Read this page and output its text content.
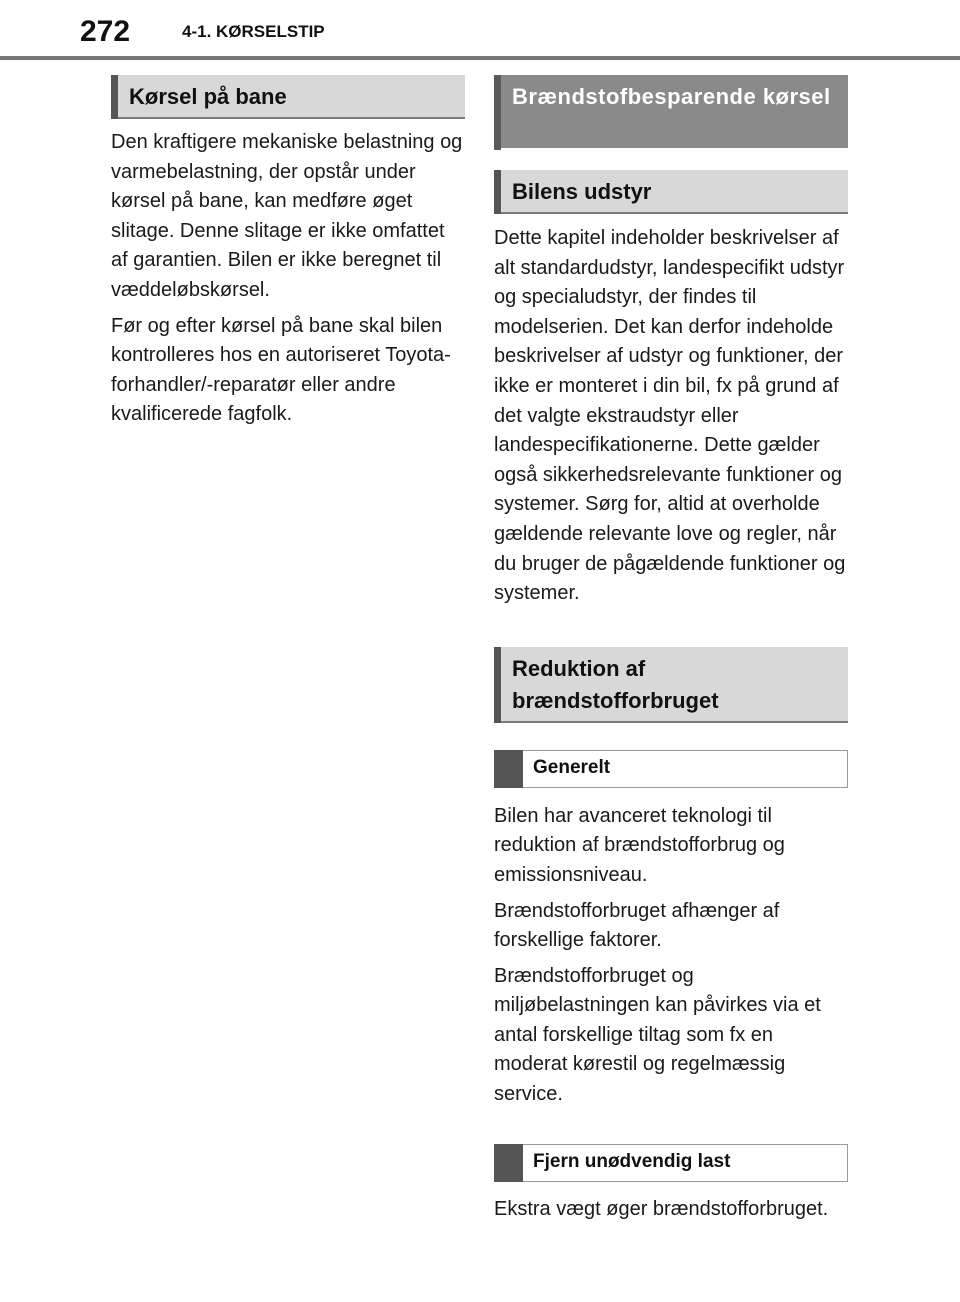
272	4-1. KØRSELSTIP
Kørsel på bane

Den kraftigere mekaniske belastning og varmebelastning, der opstår under kørsel på bane, kan medføre øget slitage. Denne slitage er ikke omfattet af garantien. Bilen er ikke beregnet til væddeløbskørsel.

Før og efter kørsel på bane skal bilen kontrolleres hos en autoriseret Toyota-forhandler/-reparatør eller andre kvalificerede fagfolk.

Brændstofbesparende kørsel
Bilens udstyr

Dette kapitel indeholder beskrivelser af alt standardudstyr, landespecifikt udstyr og specialudstyr, der findes til modelserien. Det kan derfor indeholde beskrivelser af udstyr og funktioner, der ikke er monteret i din bil, fx på grund af det valgte ekstraudstyr eller landespecifikationerne. Dette gælder også sikkerhedsrelevante funktioner og systemer. Sørg for, altid at overholde gældende relevante love og regler, når du bruger de pågældende funktioner og systemer.

Reduktion af brændstofforbruget
Generelt

Bilen har avanceret teknologi til reduktion af brændstofforbrug og emissionsniveau.

Brændstofforbruget afhænger af forskellige faktorer.

Brændstofforbruget og miljøbelastningen kan påvirkes via et antal forskellige tiltag som fx en moderat kørestil og regelmæssig service.

Fjern unødvendig last

Ekstra vægt øger brændstofforbruget.
